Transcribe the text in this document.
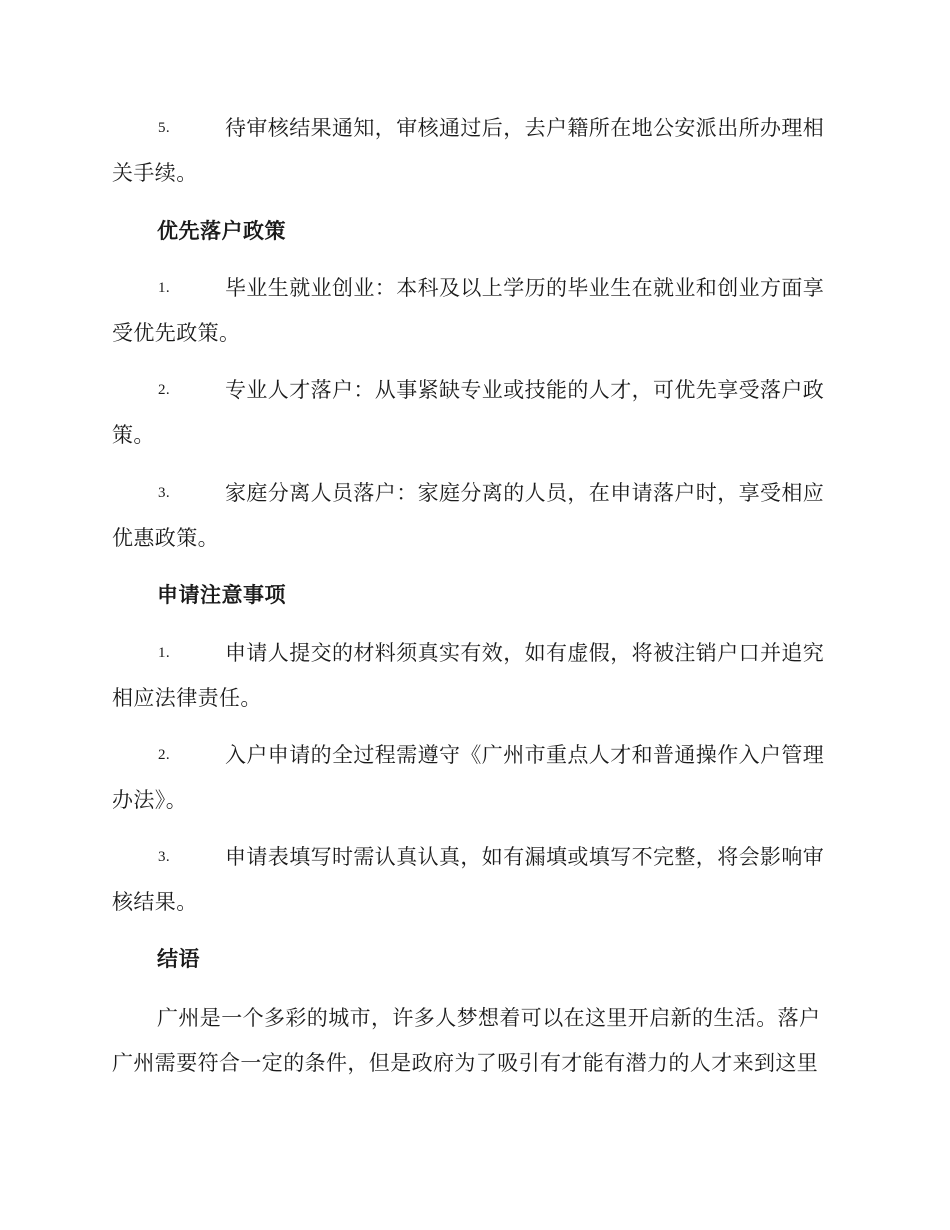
5.	待审核结果通知，审核通过后，去户籍所在地公安派出所办理相关手续。
优先落户政策
1.	毕业生就业创业：本科及以上学历的毕业生在就业和创业方面享受优先政策。
2.	专业人才落户：从事紧缺专业或技能的人才，可优先享受落户政策。
3.	家庭分离人员落户：家庭分离的人员，在申请落户时，享受相应优惠政策。
申请注意事项
1.	申请人提交的材料须真实有效，如有虚假，将被注销户口并追究相应法律责任。
2.	入户申请的全过程需遵守《广州市重点人才和普通操作入户管理办法》。
3.	申请表填写时需认真认真，如有漏填或填写不完整，将会影响审核结果。
结语
广州是一个多彩的城市，许多人梦想着可以在这里开启新的生活。落户广州需要符合一定的条件，但是政府为了吸引有才能有潜力的人才来到这里
